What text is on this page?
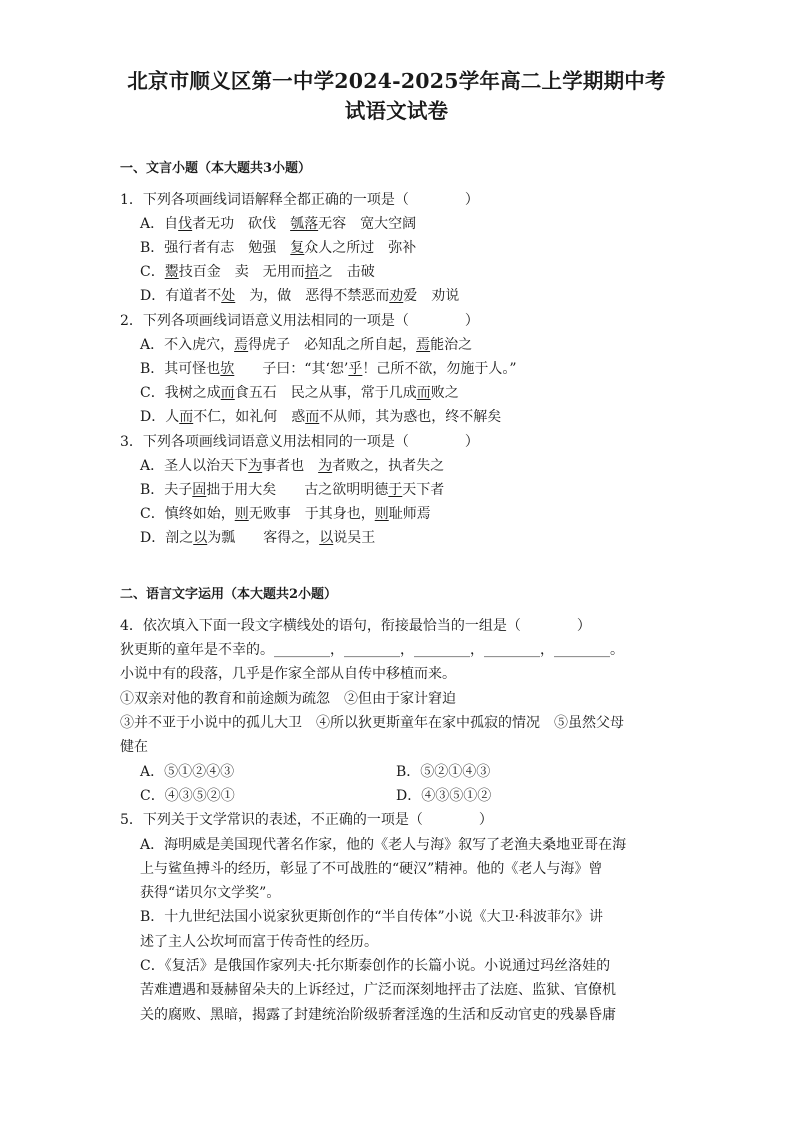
北京市顺义区第一中学2024-2025学年高二上学期期中考
试语文试卷
一、文言小题（本大题共3小题）
1．下列各项画线词语解释全都正确的一项是（　　　　）
A．自伐者无功　砍伐　瓠落无容　宽大空阔
B．强行者有志　勉强　复众人之所过　弥补
C．鬻技百金　卖　无用而掊之　击破
D．有道者不处　为，做　恶得不禁恶而劝爱　劝说
2．下列各项画线词语意义用法相同的一项是（　　　　）
A．不入虎穴，焉得虎子　必知乱之所自起，焉能治之
B．其可怪也欤　　子曰：“其‘恕’乎！己所不欲，勿施于人。”
C．我树之成而食五石　民之从事，常于几成而败之
D．人而不仁，如礼何　惑而不从师，其为惑也，终不解矣
3．下列各项画线词语意义用法相同的一项是（　　　　）
A．圣人以治天下为事者也　为者败之，执者失之
B．夫子固拙于用大矣　　古之欲明明德于天下者
C．慎终如始，则无败事　于其身也，则耻师焉
D．剖之以为瓢　　客得之，以说吴王
二、语言文字运用（本大题共2小题）
4．依次填入下面一段文字横线处的语句，衔接最恰当的一组是（　　　　）
狄更斯的童年是不幸的。________，________，________，________，________。
小说中有的段落，几乎是作家全部从自传中移植而来。
①双亲对他的教育和前途颇为疏忽　②但由于家计窘迫
③并不亚于小说中的孤儿大卫　④所以狄更斯童年在家中孤寂的情况　⑤虽然父母
健在
A．⑤①②④③	B．⑤②①④③
C．④③⑤②①	D．④③⑤①②
5．下列关于文学常识的表述，不正确的一项是（　　　　）
A．海明威是美国现代著名作家，他的《老人与海》叙写了老渔夫桑地亚哥在海
上与鲨鱼搏斗的经历，彰显了不可战胜的“硬汉”精神。他的《老人与海》曾
获得“诺贝尔文学奖”。
B．十九世纪法国小说家狄更斯创作的“半自传体”小说《大卫·科波菲尔》讲
述了主人公坎坷而富于传奇性的经历。
C．《复活》是俄国作家列夫·托尔斯泰创作的长篇小说。小说通过玛丝洛娃的
苦难遭遇和聂赫留朵夫的上诉经过，广泛而深刻地抨击了法庭、监狱、官僚机
关的腐败、黑暗，揭露了封建统治阶级骄奢淫逸的生活和反动官吏的残暴昏庸
